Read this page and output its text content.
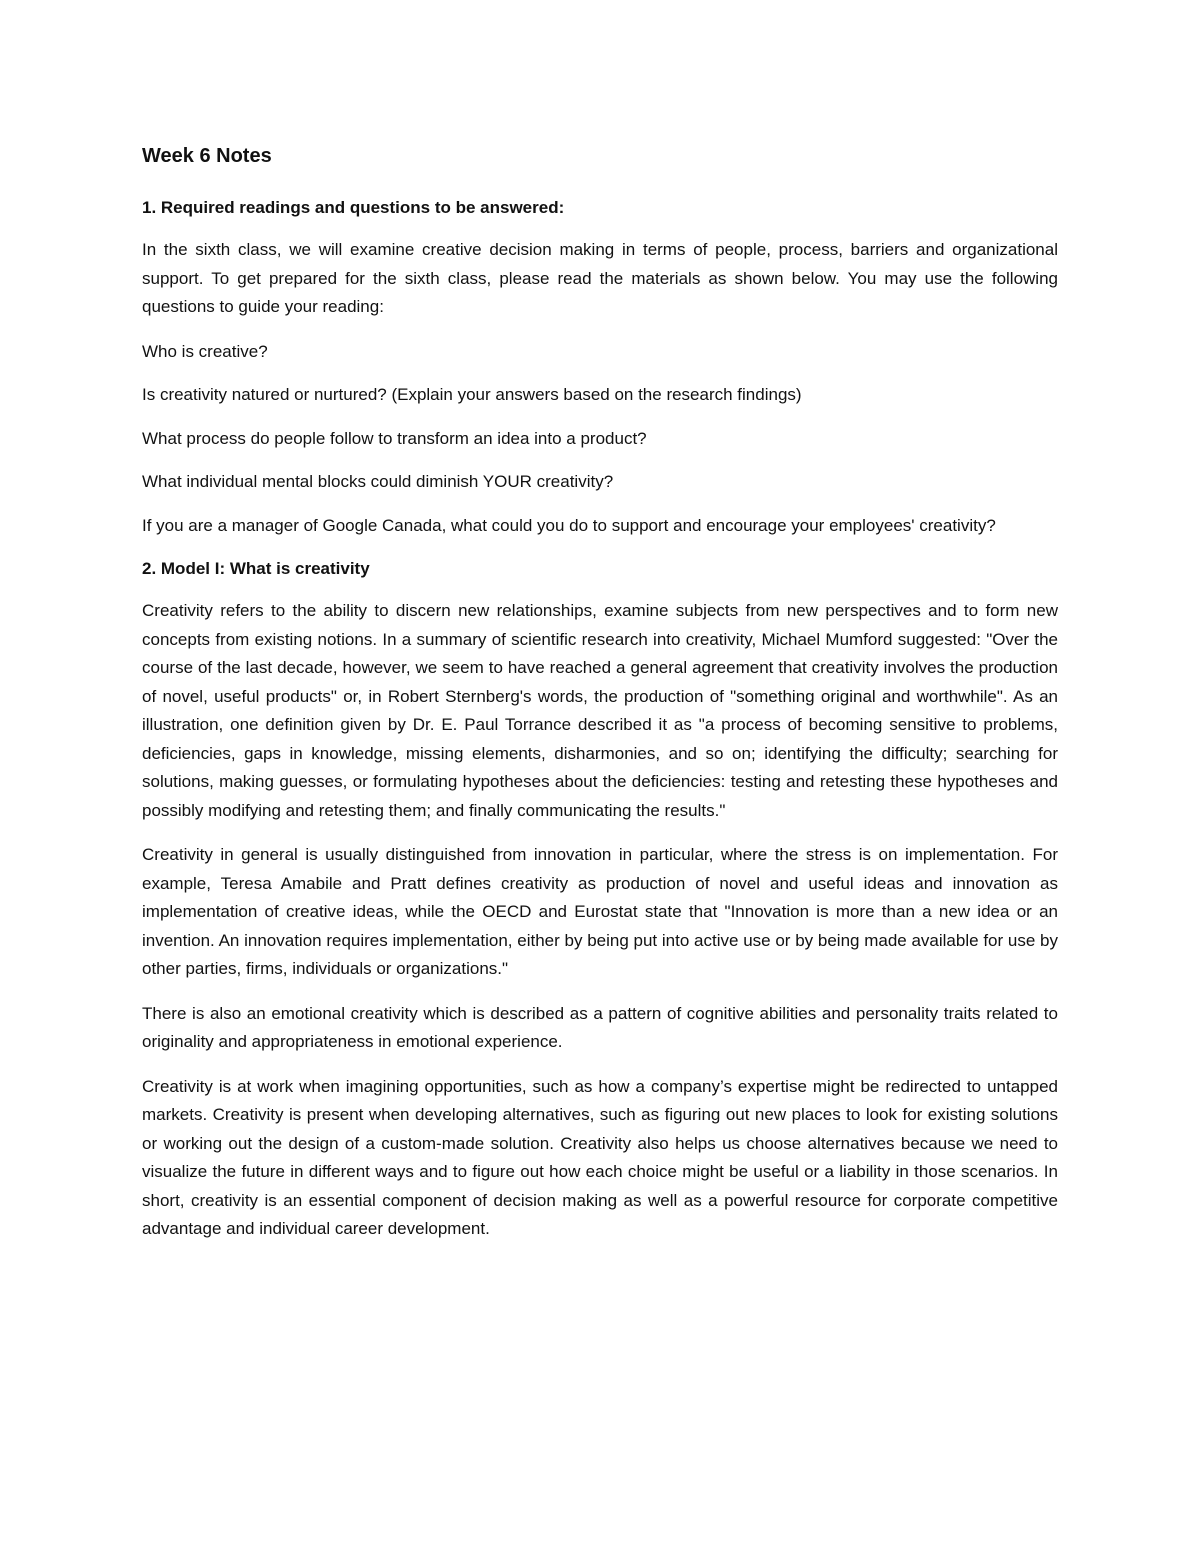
Week 6 Notes
1. Required readings and questions to be answered:

In the sixth class, we will examine creative decision making in terms of people, process, barriers and organizational support. To get prepared for the sixth class, please read the materials as shown below. You may use the following questions to guide your reading:

Who is creative?

Is creativity natured or nurtured? (Explain your answers based on the research findings)

What process do people follow to transform an idea into a product?

What individual mental blocks could diminish YOUR creativity?

If you are a manager of Google Canada, what could you do to support and encourage your employees' creativity?

2. Model I: What is creativity

Creativity refers to the ability to discern new relationships, examine subjects from new perspectives and to form new concepts from existing notions. In a summary of scientific research into creativity, Michael Mumford suggested: "Over the course of the last decade, however, we seem to have reached a general agreement that creativity involves the production of novel, useful products" or, in Robert Sternberg's words, the production of "something original and worthwhile". As an illustration, one definition given by Dr. E. Paul Torrance described it as "a process of becoming sensitive to problems, deficiencies, gaps in knowledge, missing elements, disharmonies, and so on; identifying the difficulty; searching for solutions, making guesses, or formulating hypotheses about the deficiencies: testing and retesting these hypotheses and possibly modifying and retesting them; and finally communicating the results."

Creativity in general is usually distinguished from innovation in particular, where the stress is on implementation. For example, Teresa Amabile and Pratt defines creativity as production of novel and useful ideas and innovation as implementation of creative ideas, while the OECD and Eurostat state that "Innovation is more than a new idea or an invention. An innovation requires implementation, either by being put into active use or by being made available for use by other parties, firms, individuals or organizations."

There is also an emotional creativity which is described as a pattern of cognitive abilities and personality traits related to originality and appropriateness in emotional experience.

Creativity is at work when imagining opportunities, such as how a company’s expertise might be redirected to untapped markets. Creativity is present when developing alternatives, such as figuring out new places to look for existing solutions or working out the design of a custom-made solution. Creativity also helps us choose alternatives because we need to visualize the future in different ways and to figure out how each choice might be useful or a liability in those scenarios. In short, creativity is an essential component of decision making as well as a powerful resource for corporate competitive advantage and individual career development.
